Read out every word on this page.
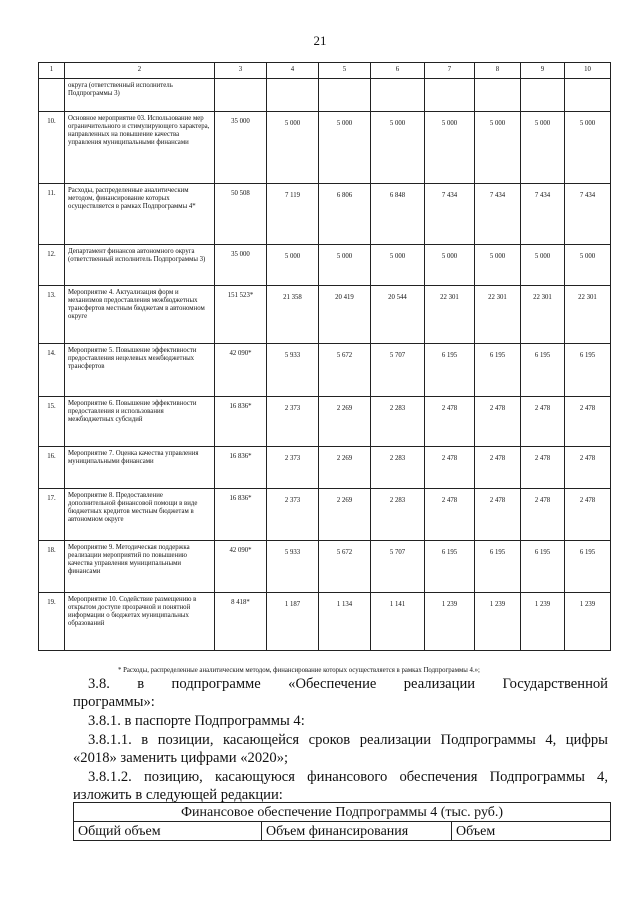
21
1	2	3	4	5	6	7	8	9	10
	округа (ответственный исполнитель Подпрограммы 3)								
10.	Основное мероприятие 03. Использование мер ограничительного и стимулирующего характера, направленных на повышение качества управления муниципальными финансами	35 000	5 000	5 000	5 000	5 000	5 000	5 000	5 000
11.	Расходы, распределенные аналитическим методом, финансирование которых осуществляется в рамках Подпрограммы 4*	50 508	7 119	6 806	6 848	7 434	7 434	7 434	7 434
12.	Департамент финансов автономного округа (ответственный исполнитель Подпрограммы 3)	35 000	5 000	5 000	5 000	5 000	5 000	5 000	5 000
13.	Мероприятие 4. Актуализация форм и механизмов предоставления межбюджетных трансфертов местным бюджетам в автономном округе	151 523*	21 358	20 419	20 544	22 301	22 301	22 301	22 301
14.	Мероприятие 5. Повышение эффективности предоставления нецелевых межбюджетных трансфертов	42 090*	5 933	5 672	5 707	6 195	6 195	6 195	6 195
15.	Мероприятие 6. Повышение эффективности предоставления и использования межбюджетных субсидий	16 836*	2 373	2 269	2 283	2 478	2 478	2 478	2 478
16.	Мероприятие 7. Оценка качества управления муниципальными финансами	16 836*	2 373	2 269	2 283	2 478	2 478	2 478	2 478
17.	Мероприятие 8. Предоставление дополнительной финансовой помощи в виде бюджетных кредитов местным бюджетам в автономном округе	16 836*	2 373	2 269	2 283	2 478	2 478	2 478	2 478
18.	Мероприятие 9. Методическая поддержка реализации мероприятий по повышению качества управления муниципальными финансами	42 090*	5 933	5 672	5 707	6 195	6 195	6 195	6 195
19.	Мероприятие 10. Содействие размещению в открытом доступе прозрачной и понятной информации о бюджетах муниципальных образований	8 418*	1 187	1 134	1 141	1 239	1 239	1 239	1 239
* Расходы, распределенные аналитическим методом, финансирование которых осуществляется в рамках Подпрограммы 4.»;
3.8. в подпрограмме «Обеспечение реализации Государственной
программы»:
3.8.1. в паспорте Подпрограммы 4:
3.8.1.1. в позиции, касающейся сроков реализации Подпрограммы 4, цифры
«2018» заменить цифрами «2020»;
3.8.1.2. позицию, касающуюся финансового обеспечения Подпрограммы 4,
изложить в следующей редакции:
Финансовое обеспечение Подпрограммы 4 (тыс. руб.)
Общий объем	Объем финансирования	Объем
